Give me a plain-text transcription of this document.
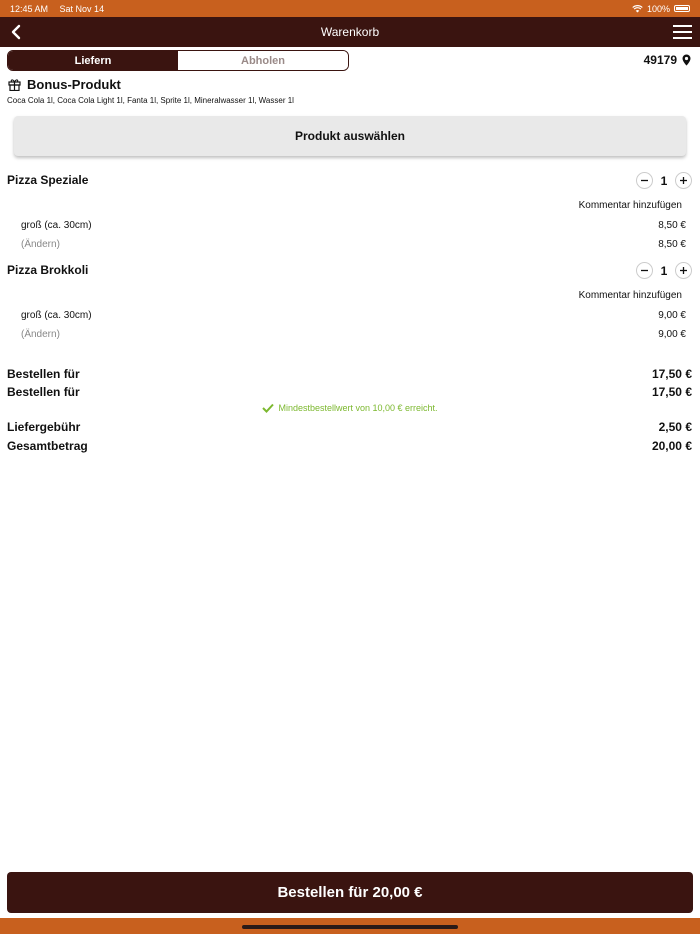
12:45 AM Sat Nov 14	100%
Warenkorb
Liefern	Abholen	49179
Bonus-Produkt
Coca Cola 1l, Coca Cola Light 1l, Fanta 1l, Sprite 1l, Mineralwasser 1l, Wasser 1l
Produkt auswählen
Pizza Speziale	1
Kommentar hinzufügen
groß (ca. 30cm)	8,50 €
(Ändern)	8,50 €
Pizza Brokkoli	1
Kommentar hinzufügen
groß (ca. 30cm)	9,00 €
(Ändern)	9,00 €
Bestellen für	17,50 €
Bestellen für	17,50 €
Mindestbestellwert von 10,00 € erreicht.
Liefergebühr	2,50 €
Gesamtbetrag	20,00 €
Bestellen für 20,00 €
